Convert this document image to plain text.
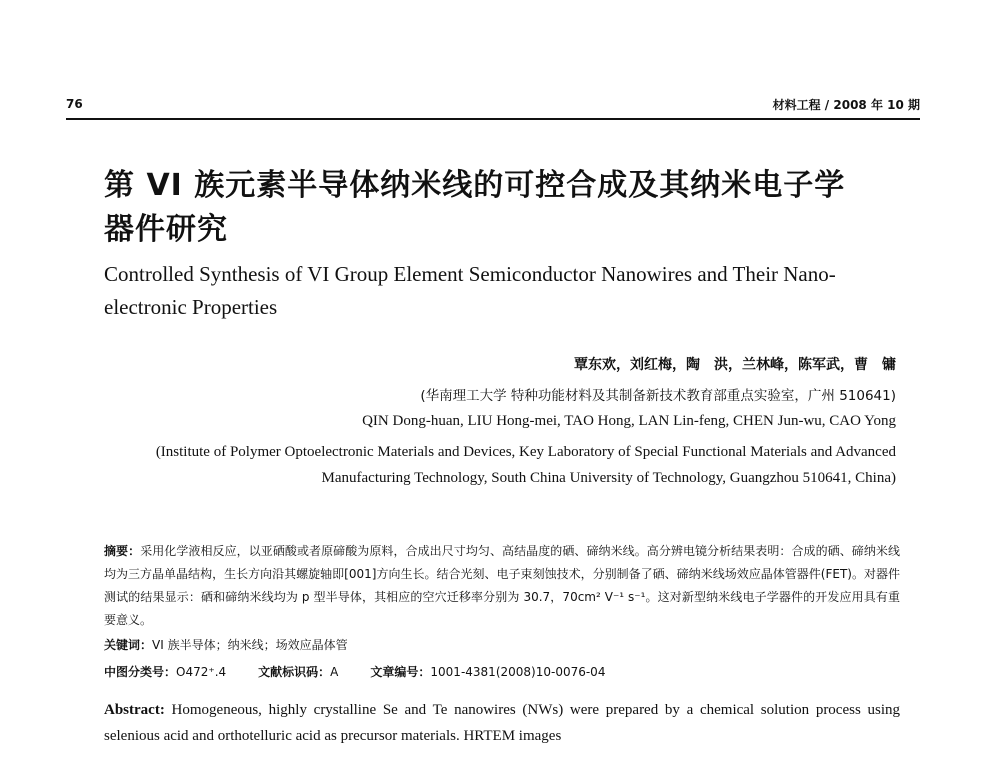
76	材料工程 / 2008 年 10 期
第 VI 族元素半导体纳米线的可控合成及其纳米电子学器件研究
Controlled Synthesis of VI Group Element Semiconductor Nanowires and Their Nano-electronic Properties
覃东欢，刘红梅，陶　洪，兰林峰，陈军武，曹　镛
(华南理工大学 特种功能材料及其制备新技术教育部重点实验室，广州 510641)
QIN Dong-huan, LIU Hong-mei, TAO Hong, LAN Lin-feng, CHEN Jun-wu, CAO Yong
(Institute of Polymer Optoelectronic Materials and Devices, Key Laboratory of Special Functional Materials and Advanced Manufacturing Technology, South China University of Technology, Guangzhou 510641, China)
摘要：采用化学液相反应，以亚硒酸或者原碲酸为原料，合成出尺寸均匀、高结晶度的硒、碲纳米线。高分辨电镜分析结果表明：合成的硒、碲纳米线均为三方晶单晶结构，生长方向沿其螺旋轴即[001]方向生长。结合光刻、电子束刻蚀技术，分别制备了硒、碲纳米线场效应晶体管器件(FET)。对器件测试的结果显示：硒和碲纳米线均为 p 型半导体，其相应的空穴迁移率分别为 30.7，70cm² V⁻¹ s⁻¹。这对新型纳米线电子学器件的开发应用具有重要意义。
关键词：VI 族半导体；纳米线；场效应晶体管
中图分类号：O472⁺.4	文献标识码：A	文章编号：1001-4381(2008)10-0076-04
Abstract: Homogeneous, highly crystalline Se and Te nanowires (NWs) were prepared by a chemical solution process using selenious acid and orthotelluric acid as precursor materials. HRTEM images
